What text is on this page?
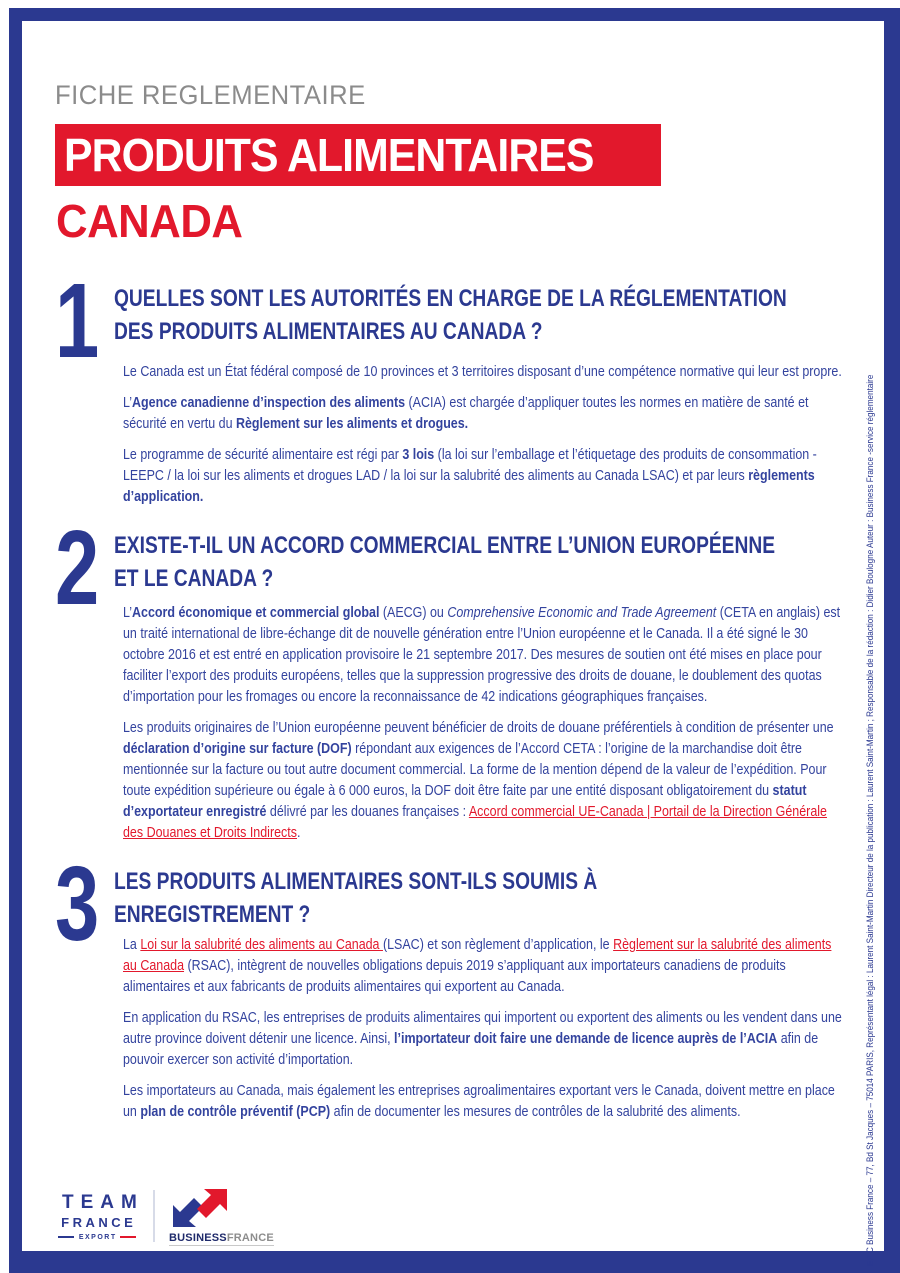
FICHE REGLEMENTAIRE
PRODUITS ALIMENTAIRES
CANADA
1 QUELLES SONT LES AUTORITÉS EN CHARGE DE LA RÉGLEMENTATION
DES PRODUITS ALIMENTAIRES AU CANADA ?

Le Canada est un État fédéral composé de 10 provinces et 3 territoires disposant d’une compétence normative qui leur est propre.

L’Agence canadienne d’inspection des aliments (ACIA) est chargée d’appliquer toutes les normes en matière de santé et sécurité en vertu du Règlement sur les aliments et drogues.

Le programme de sécurité alimentaire est régi par 3 lois (la loi sur l’emballage et l’étiquetage des produits de consommation - LEEPC / la loi sur les aliments et drogues LAD / la loi sur la salubrité des aliments au Canada LSAC) et par leurs règlements d’application.

2 EXISTE-T-IL UN ACCORD COMMERCIAL ENTRE L’UNION EUROPÉENNE
ET LE CANADA ?

L’Accord économique et commercial global (AECG) ou Comprehensive Economic and Trade Agreement (CETA en anglais) est un traité international de libre-échange dit de nouvelle génération entre l’Union européenne et le Canada. Il a été signé le 30 octobre 2016 et est entré en application provisoire le 21 septembre 2017. Des mesures de soutien ont été mises en place pour faciliter l’export des produits européens, telles que la suppression progressive des droits de douane, le doublement des quotas d’importation pour les fromages ou encore la reconnaissance de 42 indications géographiques françaises.

Les produits originaires de l’Union européenne peuvent bénéficier de droits de douane préférentiels à condition de présenter une déclaration d’origine sur facture (DOF) répondant aux exigences de l’Accord CETA : l’origine de la marchandise doit être mentionnée sur la facture ou tout autre document commercial. La forme de la mention dépend de la valeur de l’expédition. Pour toute expédition supérieure ou égale à 6 000 euros, la DOF doit être faite par une entité disposant obligatoirement du statut d’exportateur enregistré délivré par les douanes françaises : Accord commercial UE-Canada | Portail de la Direction Générale des Douanes et Droits Indirects.

3 LES PRODUITS ALIMENTAIRES SONT-ILS SOUMIS À
ENREGISTREMENT ?

La Loi sur la salubrité des aliments au Canada (LSAC) et son règlement d’application, le Règlement sur la salubrité des aliments au Canada (RSAC), intègrent de nouvelles obligations depuis 2019 s’appliquant aux importateurs canadiens de produits alimentaires et aux fabricants de produits alimentaires qui exportent au Canada.

En application du RSAC, les entreprises de produits alimentaires qui importent ou exportent des aliments ou les vendent dans une autre province doivent détenir une licence. Ainsi, l’importateur doit faire une demande de licence auprès de l’ACIA afin de pouvoir exercer son activité d’importation.

Les importateurs au Canada, mais également les entreprises agroalimentaires exportant vers le Canada, doivent mettre en place un plan de contrôle préventif (PCP) afin de documenter les mesures de contrôles de la salubrité des aliments.	EPIC Business France – 77, Bd St Jacques – 75014 PARIS, Représentant légal : Laurent Saint-Martin Directeur de la publication : Laurent Saint-Martin ; Responsable de la rédaction : Didier Boulogne Auteur : Business France -service réglementaire
TEAM
FRANCE
EXPORT	BUSINESSFRANCE
